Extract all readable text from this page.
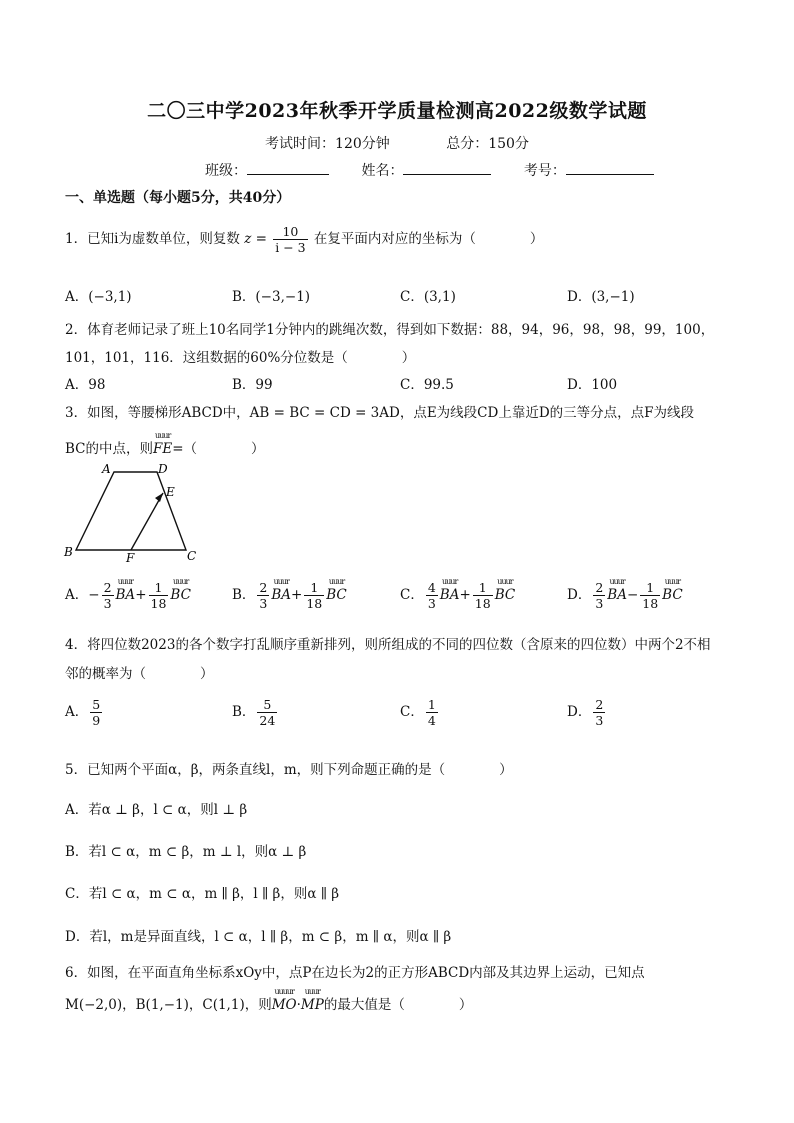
二〇三中学2023年秋季开学质量检测高2022级数学试题
考试时间：120分钟	总分：150分
班级：	姓名：	考号：
一、单选题（每小题5分，共40分）
1．已知i为虚数单位，则复数 $z = \frac{10}{i - 3}$ 在复平面内对应的坐标为（　　　　）
A．(−3,1)	B．(−3,−1)	C．(3,1)	D．(3,−1)
2．体育老师记录了班上10名同学1分钟内的跳绳次数，得到如下数据：88，94，96，98，98，99，100，
101，101，116．这组数据的60%分位数是（　　　　）
A．98	B．99	C．99.5	D．100
3．如图，等腰梯形ABCD中，AB = BC = CD = 3AD，点E为线段CD上靠近D的三等分点，点F为线段
BC的中点，则
uuur
FE=（　　　　）
A	D
E
B	F	C
A．− $\frac{2}{3}$ uuur
$BA+ \frac{1}{18}$ uuur
BC	B． $\frac{2}{3}$ uuur
$BA+ \frac{1}{18}$ uuur
BC	C． $\frac{4}{3}$ uuur
$BA+ \frac{1}{18}$ uuur
BC	D． $\frac{2}{3}$ uuur
$BA- \frac{1}{18}$ uuur
BC
4．将四位数2023的各个数字打乱顺序重新排列，则所组成的不同的四位数（含原来的四位数）中两个2不相
邻的概率为（　　　　）
A． $\frac{5}{9}$	B． $\frac{5}{24}$	C． $\frac{1}{4}$	D． $\frac{2}{3}$
5．已知两个平面α，β，两条直线l，m，则下列命题正确的是（　　　　）
A．若α ⊥ β，l ⊂ α，则l ⊥ β
B．若l ⊂ α，m ⊂ β，m ⊥ l，则α ⊥ β
C．若l ⊂ α，m ⊂ α，m ∥ β，l ∥ β，则α ∥ β
D．若l，m是异面直线，l ⊂ α，l ∥ β，m ⊂ β，m ∥ α，则α ∥ β
6．如图，在平面直角坐标系xOy中，点P在边长为2的正方形ABCD内部及其边界上运动，已知点
M(−2,0)，B(1,−1)，C(1,1)，则
uuuur
MO·
uuur
MP的最大值是（　　　　）
